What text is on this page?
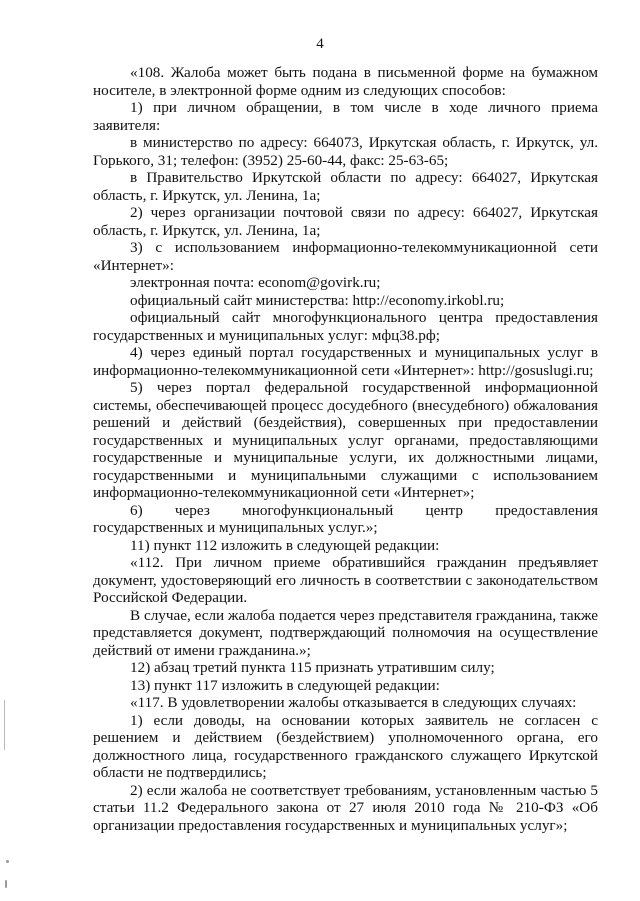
4

«108. Жалоба может быть подана в письменной форме на бумажном носителе, в электронной форме одним из следующих способов:

1) при личном обращении, в том числе в ходе личного приема заявителя:

в министерство по адресу: 664073, Иркутская область, г. Иркутск, ул. Горького, 31; телефон: (3952) 25-60-44, факс: 25-63-65;

в Правительство Иркутской области по адресу: 664027, Иркутская область, г. Иркутск, ул. Ленина, 1а;

2) через организации почтовой связи по адресу: 664027, Иркутская область, г. Иркутск, ул. Ленина, 1а;

3) с использованием информационно-телекоммуникационной сети «Интернет»:

электронная почта: econom@govirk.ru;

официальный сайт министерства: http://economy.irkobl.ru;

официальный сайт многофункционального центра предоставления государственных и муниципальных услуг: мфц38.рф;

4) через единый портал государственных и муниципальных услуг в информационно-телекоммуникационной сети «Интернет»: http://gosuslugi.ru;

5) через портал федеральной государственной информационной системы, обеспечивающей процесс досудебного (внесудебного) обжалования решений и действий (бездействия), совершенных при предоставлении государственных и муниципальных услуг органами, предоставляющими государственные и муниципальные услуги, их должностными лицами, государственными и муниципальными служащими с использованием информационно-телекоммуникационной сети «Интернет»;

6) через многофункциональный центр предоставления государственных и муниципальных услуг.»;

11) пункт 112 изложить в следующей редакции:

«112. При личном приеме обратившийся гражданин предъявляет документ, удостоверяющий его личность в соответствии с законодательством Российской Федерации.

В случае, если жалоба подается через представителя гражданина, также представляется документ, подтверждающий полномочия на осуществление действий от имени гражданина.»;

12) абзац третий пункта 115 признать утратившим силу;

13) пункт 117 изложить в следующей редакции:

«117. В удовлетворении жалобы отказывается в следующих случаях:

1) если доводы, на основании которых заявитель не согласен с решением и действием (бездействием) уполномоченного органа, его должностного лица, государственного гражданского служащего Иркутской области не подтвердились;

2) если жалоба не соответствует требованиям, установленным частью 5 статьи 11.2 Федерального закона от 27 июля 2010 года № 210-ФЗ «Об организации предоставления государственных и муниципальных услуг»;
